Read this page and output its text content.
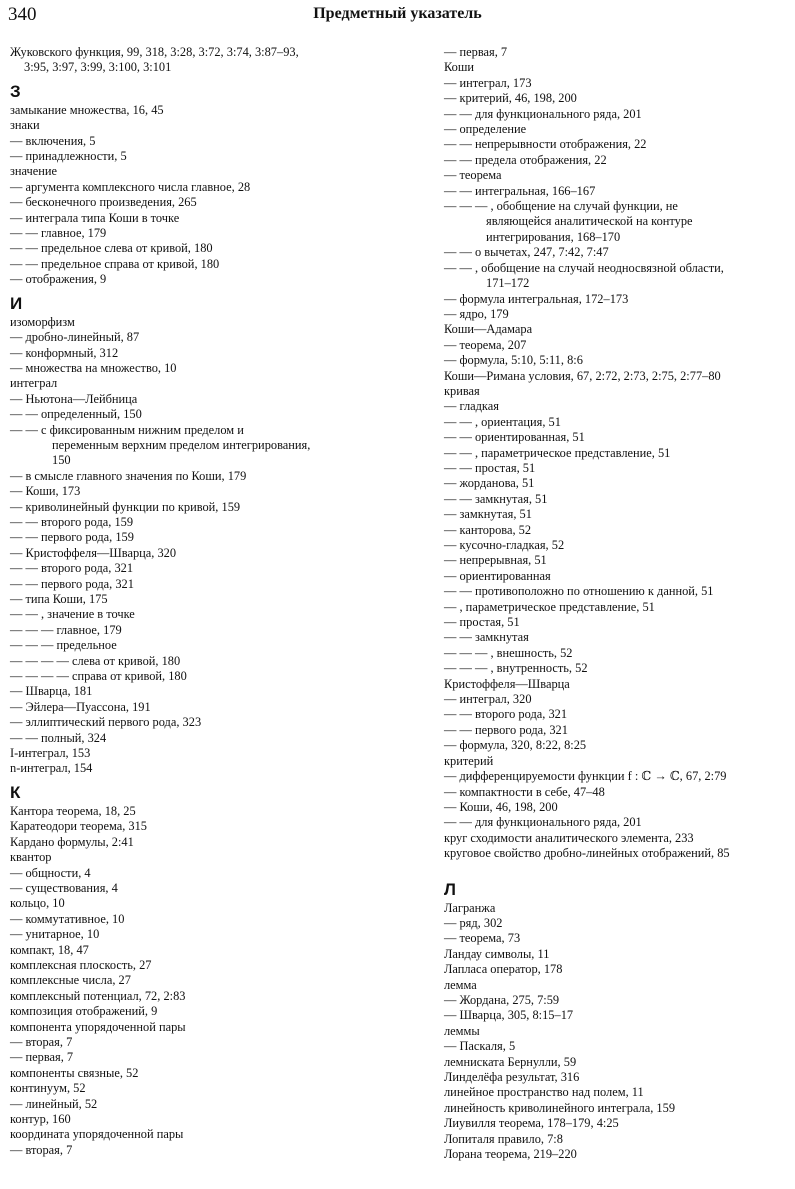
340	Предметный указатель
Жуковского функция, 99, 318, 3:28, 3:72, 3:74, 3:87–93,
3:95, 3:97, 3:99, 3:100, 3:101
З
замыкание множества, 16, 45
знаки
— включения, 5
— принадлежности, 5
значение
— аргумента комплексного числа главное, 28
— бесконечного произведения, 265
— интеграла типа Коши в точке
— — главное, 179
— — предельное слева от кривой, 180
— — предельное справа от кривой, 180
— отображения, 9
И
изоморфизм
— дробно-линейный, 87
— конформный, 312
— множества на множество, 10
интеграл
— Ньютона—Лейбница
— — определенный, 150
— — с фиксированным нижним пределом и
переменным верхним пределом интегрирования,
150
— в смысле главного значения по Коши, 179
— Коши, 173
— криволинейный функции по кривой, 159
— — второго рода, 159
— — первого рода, 159
— Кристоффеля—Шварца, 320
— — второго рода, 321
— — первого рода, 321
— типа Коши, 175
— — , значение в точке
— — — главное, 179
— — — предельное
— — — — слева от кривой, 180
— — — — справа от кривой, 180
— Шварца, 181
— Эйлера—Пуассона, 191
— эллиптический первого рода, 323
— — полный, 324
I-интеграл, 153
n-интеграл, 154
К
Кантора теорема, 18, 25
Каратеодори теорема, 315
Кардано формулы, 2:41
квантор
— общности, 4
— существования, 4
кольцо, 10
— коммутативное, 10
— унитарное, 10
компакт, 18, 47
комплексная плоскость, 27
комплексные числа, 27
комплексный потенциал, 72, 2:83
композиция отображений, 9
компонента упорядоченной пары
— вторая, 7
— первая, 7
компоненты связные, 52
континуум, 52
— линейный, 52
контур, 160
координата упорядоченной пары
— вторая, 7
— первая, 7
Коши
— интеграл, 173
— критерий, 46, 198, 200
— — для функционального ряда, 201
— определение
— — непрерывности отображения, 22
— — предела отображения, 22
— теорема
— — интегральная, 166–167
— — — , обобщение на случай функции, не
являющейся аналитической на контуре
интегрирования, 168–170
— — о вычетах, 247, 7:42, 7:47
— — , обобщение на случай неодносвязной области,
171–172
— формула интегральная, 172–173
— ядро, 179
Коши—Адамара
— теорема, 207
— формула, 5:10, 5:11, 8:6
Коши—Римана условия, 67, 2:72, 2:73, 2:75, 2:77–80
кривая
— гладкая
— — , ориентация, 51
— — ориентированная, 51
— — , параметрическое представление, 51
— — простая, 51
— жорданова, 51
— — замкнутая, 51
— замкнутая, 51
— канторова, 52
— кусочно-гладкая, 52
— непрерывная, 51
— ориентированная
— — противоположно по отношению к данной, 51
— , параметрическое представление, 51
— простая, 51
— — замкнутая
— — — , внешность, 52
— — — , внутренность, 52
Кристоффеля—Шварца
— интеграл, 320
— — второго рода, 321
— — первого рода, 321
— формула, 320, 8:22, 8:25
критерий
— дифференцируемости функции f : ℂ → ℂ, 67, 2:79
— компактности в себе, 47–48
— Коши, 46, 198, 200
— — для функционального ряда, 201
круг сходимости аналитического элемента, 233
круговое свойство дробно-линейных отображений, 85
Л
Лагранжа
— ряд, 302
— теорема, 73
Ландау символы, 11
Лапласа оператор, 178
лемма
— Жордана, 275, 7:59
— Шварца, 305, 8:15–17
леммы
— Паскаля, 5
лемниската Бернулли, 59
Линделёфа результат, 316
линейное пространство над полем, 11
линейность криволинейного интеграла, 159
Лиувилля теорема, 178–179, 4:25
Лопиталя правило, 7:8
Лорана теорема, 219–220
